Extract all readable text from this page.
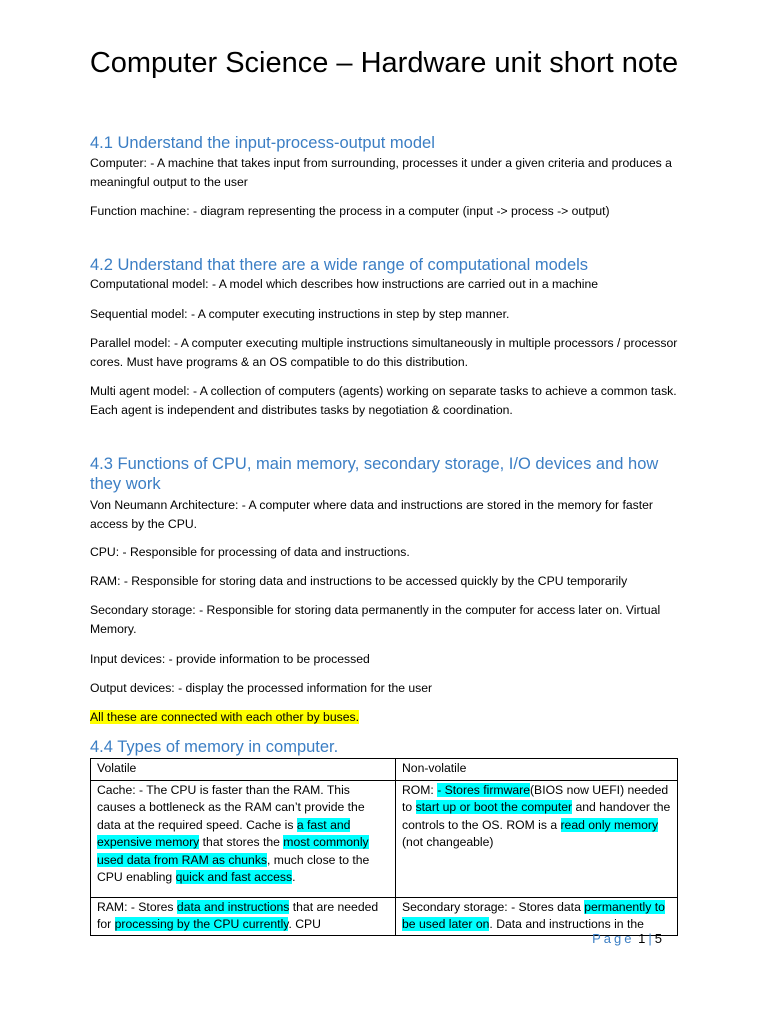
Computer Science – Hardware unit short note
4.1 Understand the input-process-output model
Computer: - A machine that takes input from surrounding, processes it under a given criteria and produces a meaningful output to the user
Function machine: - diagram representing the process in a computer (input -> process -> output)
4.2 Understand that there are a wide range of computational models
Computational model: - A model which describes how instructions are carried out in a machine
Sequential model: - A computer executing instructions in step by step manner.
Parallel model: - A computer executing multiple instructions simultaneously in multiple processors / processor cores. Must have programs & an OS compatible to do this distribution.
Multi agent model: - A collection of computers (agents) working on separate tasks to achieve a common task. Each agent is independent and distributes tasks by negotiation & coordination.
4.3 Functions of CPU, main memory, secondary storage, I/O devices and how they work
Von Neumann Architecture: - A computer where data and instructions are stored in the memory for faster access by the CPU.
CPU: - Responsible for processing of data and instructions.
RAM: - Responsible for storing data and instructions to be accessed quickly by the CPU temporarily
Secondary storage: - Responsible for storing data permanently in the computer for access later on. Virtual Memory.
Input devices: - provide information to be processed
Output devices: - display the processed information for the user
All these are connected with each other by buses.
4.4 Types of memory in computer.
Volatile	Non-volatile
Cache: - The CPU is faster than the RAM. This causes a bottleneck as the RAM can’t provide the data at the required speed. Cache is a fast and expensive memory that stores the most commonly used data from RAM as chunks, much close to the CPU enabling quick and fast access.	ROM: - Stores firmware(BIOS now UEFI) needed to start up or boot the computer and handover the controls to the OS. ROM is a read only memory (not changeable)

RAM: - Stores data and instructions that are needed for processing by the CPU currently. CPU	Secondary storage: - Stores data permanently to be used later on. Data and instructions in the
Page 1 | 5
